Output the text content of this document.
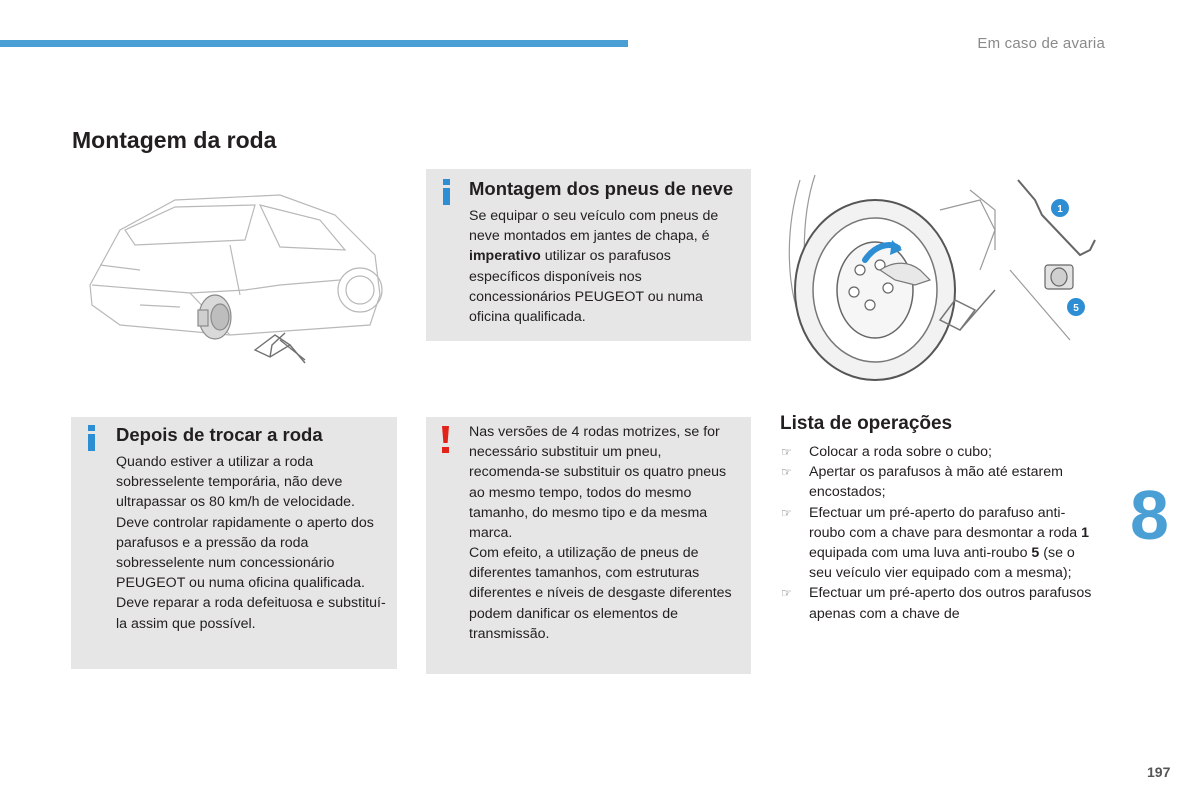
Em caso de avaria
Montagem da roda
1
5
Montagem dos pneus de neve

Se equipar o seu veículo com pneus de neve montados em jantes de chapa, é imperativo utilizar os parafusos específicos disponíveis nos concessionários PEUGEOT ou numa oficina qualificada.

Depois de trocar a roda

Quando estiver a utilizar a roda sobresselente temporária, não deve ultrapassar os 80 km/h de velocidade. Deve controlar rapidamente o aperto dos parafusos e a pressão da roda sobresselente num concessionário PEUGEOT ou numa oficina qualificada. Deve reparar a roda defeituosa e substituí-la assim que possível.

Nas versões de 4 rodas motrizes, se for necessário substituir um pneu, recomenda-se substituir os quatro pneus ao mesmo tempo, todos do mesmo tamanho, do mesmo tipo e da mesma marca.

Com efeito, a utilização de pneus de diferentes tamanhos, com estruturas diferentes e níveis de desgaste diferentes podem danificar os elementos de transmissão.

Lista de operações
☞ Colocar a roda sobre o cubo;
☞ Apertar os parafusos à mão até estarem encostados;
☞ Efectuar um pré-aperto do parafuso anti-roubo com a chave para desmontar a roda 1 equipada com uma luva anti-roubo 5 (se o seu veículo vier equipado com a mesma);
☞ Efectuar um pré-aperto dos outros parafusos apenas com a chave de
8
197
